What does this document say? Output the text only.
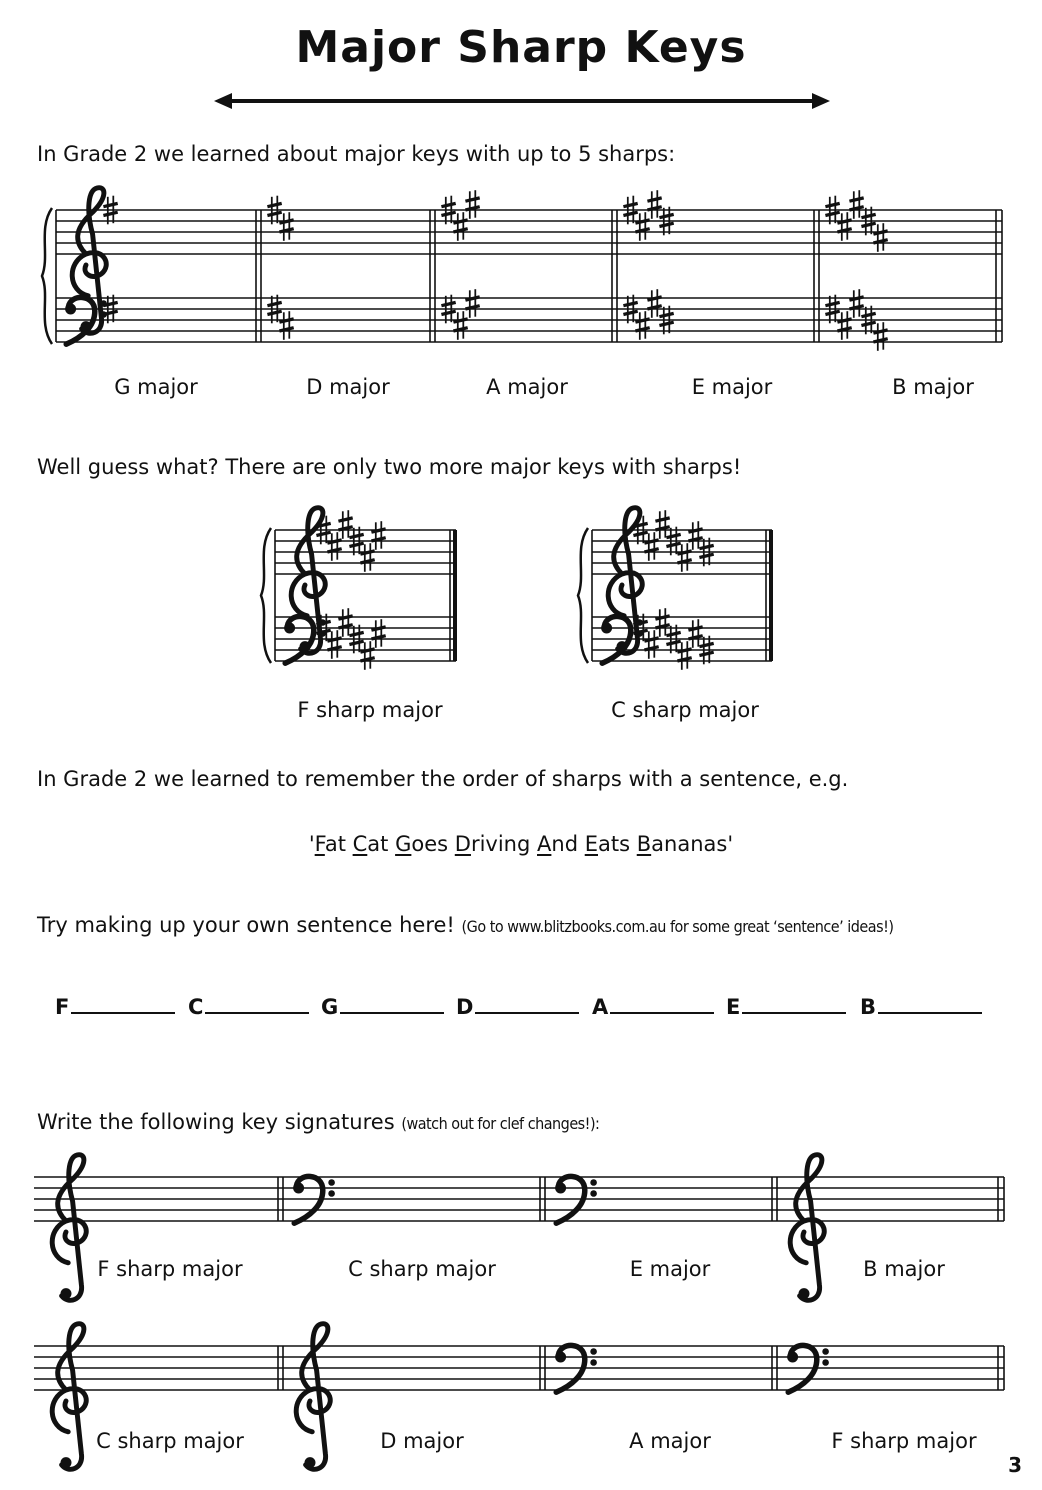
Major Sharp Keys
In Grade 2 we learned about major keys with up to 5 sharps:
G major	D major	A major	E major	B major
Well guess what? There are only two more major keys with sharps!
F sharp major	C sharp major
In Grade 2 we learned to remember the order of sharps with a sentence, e.g.
'Fat Cat Goes Driving And Eats Bananas'
Try making up your own sentence here! (Go to www.blitzbooks.com.au for some great ‘sentence’ ideas!)
F	C	G	D	A	E	B
Write the following key signatures (watch out for clef changes!):
F sharp major	C sharp major	E major	B major
C sharp major	D major	A major	F sharp major
3
